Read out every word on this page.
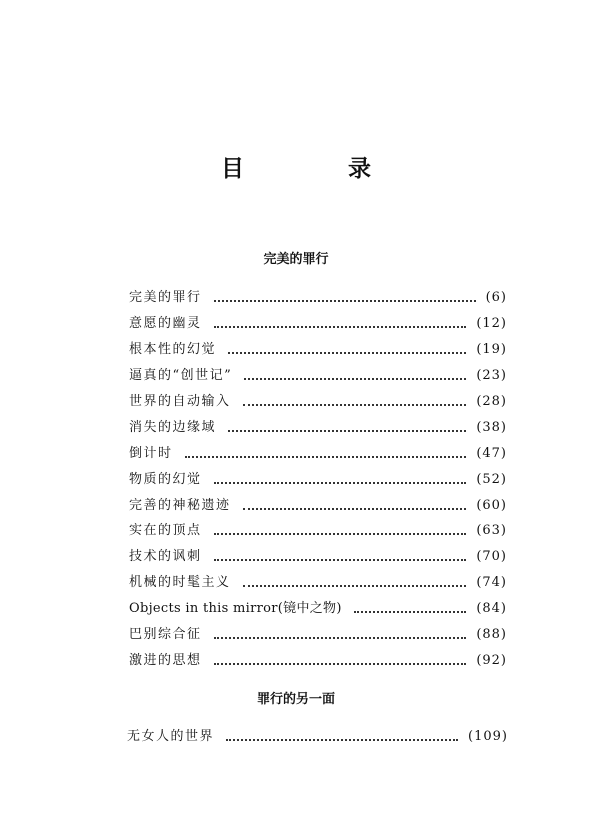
目 录
完美的罪行
完美的罪行	(6)
意愿的幽灵	(12)
根本性的幻觉	(19)
逼真的“创世记”	(23)
世界的自动输入	(28)
消失的边缘域	(38)
倒计时	(47)
物质的幻觉	(52)
完善的神秘遗迹	(60)
实在的顶点	(63)
技术的讽刺	(70)
机械的时髦主义	(74)
Objects in this mirror(镜中之物)	(84)
巴别综合征	(88)
激进的思想	(92)
罪行的另一面
无女人的世界	(109)
